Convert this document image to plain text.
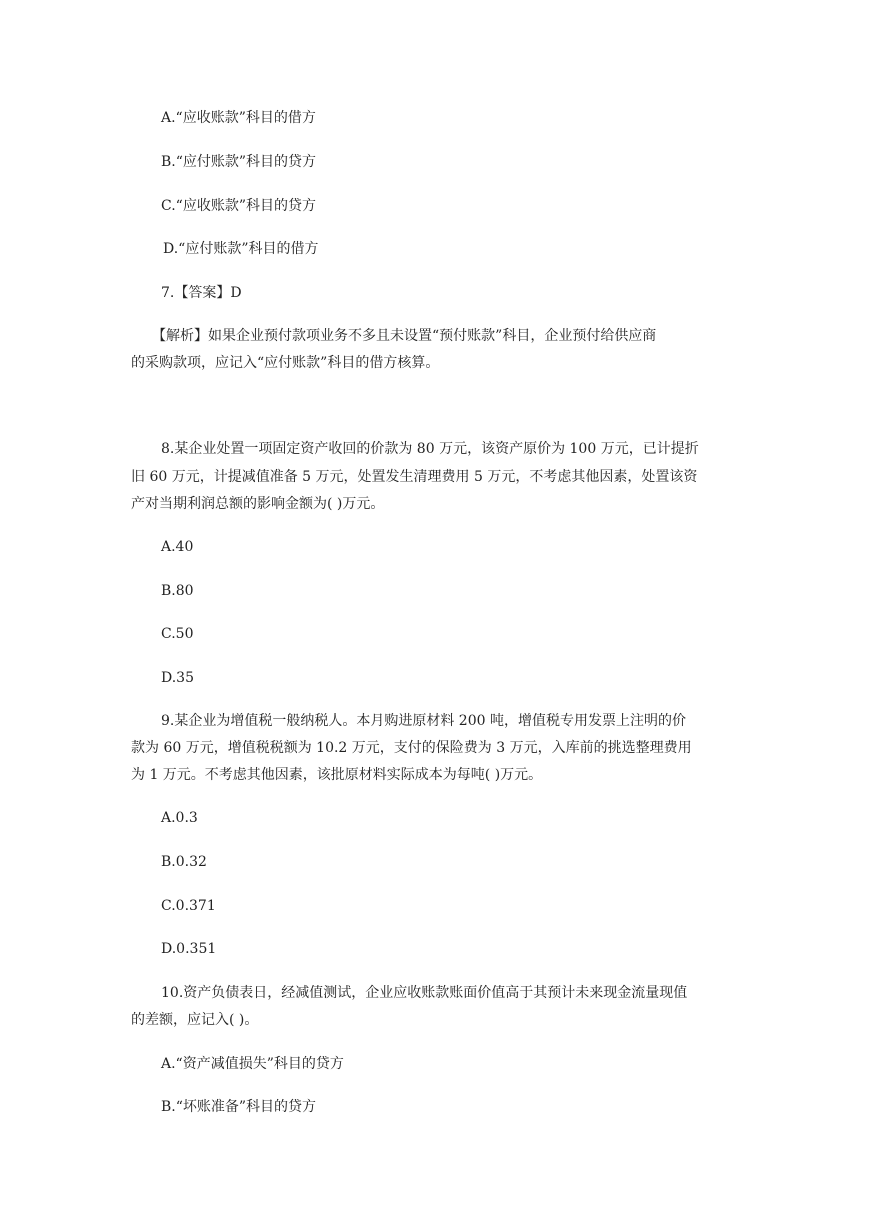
A.“应收账款”科目的借方
B.“应付账款”科目的贷方
C.“应收账款”科目的贷方
D.“应付账款”科目的借方
7.【答案】D
【解析】如果企业预付款项业务不多且未设置“预付账款”科目，企业预付给供应商
的采购款项，应记入“应付账款”科目的借方核算。
8.某企业处置一项固定资产收回的价款为 80 万元，该资产原价为 100 万元，已计提折
旧 60 万元，计提减值准备 5 万元，处置发生清理费用 5 万元，不考虑其他因素，处置该资
产对当期利润总额的影响金额为( )万元。
A.40
B.80
C.50
D.35
9.某企业为增值税一般纳税人。本月购进原材料 200 吨，增值税专用发票上注明的价
款为 60 万元，增值税税额为 10.2 万元，支付的保险费为 3 万元，入库前的挑选整理费用
为 1 万元。不考虑其他因素，该批原材料实际成本为每吨( )万元。
A.0.3
B.0.32
C.0.371
D.0.351
10.资产负债表日，经减值测试，企业应收账款账面价值高于其预计未来现金流量现值
的差额，应记入( )。
A.“资产减值损失”科目的贷方
B.“坏账准备”科目的贷方
